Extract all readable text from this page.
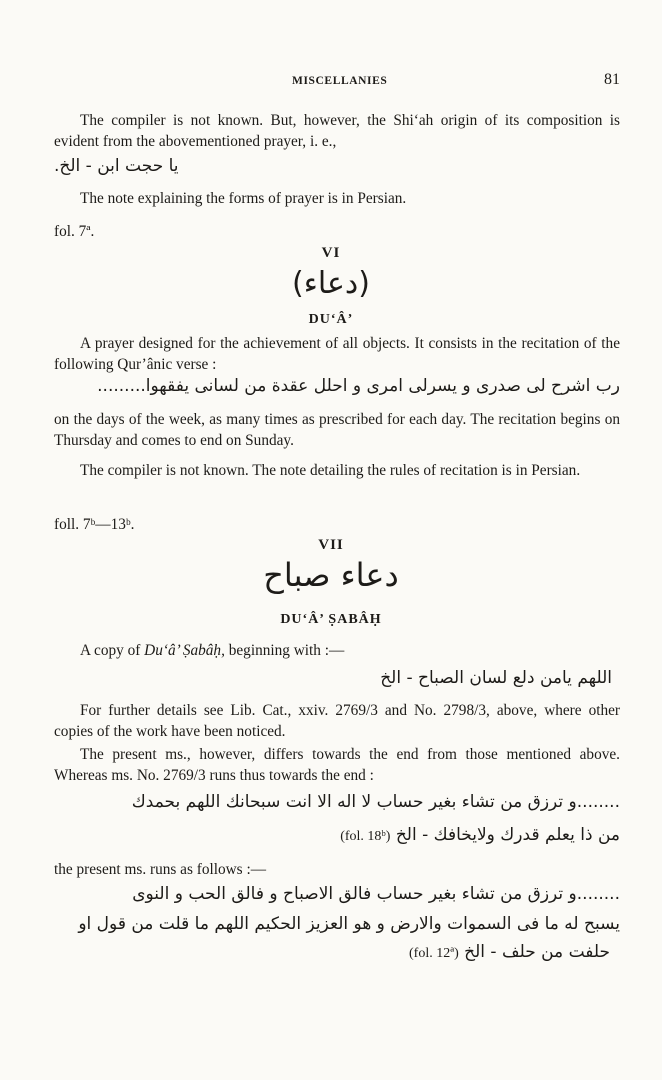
MISCELLANIES	81
The compiler is not known. But, however, the Shi‘ah origin of its composition is evident from the abovementioned prayer, i. e.,
يا حجت ابن - الخ.
The note explaining the forms of prayer is in Persian.
fol. 7ª.
VI
(دعاء)
DU‘Â’
A prayer designed for the achievement of all objects. It consists in the recitation of the following Qur’ânic verse :
رب اشرح لی صدری و یسرلی امری و احلل عقدة من لسانی یفقهوا.........
on the days of the week, as many times as prescribed for each day. The recitation begins on Thursday and comes to end on Sunday.
The compiler is not known. The note detailing the rules of recitation is in Persian.
foll. 7ᵇ—13ᵇ.
VII
دعاء صباح
DU‘Â’ ṢABÂḤ
A copy of Du‘â’ Ṣabâḥ, beginning with :—
اللهم یامن دلع لسان الصباح - الخ
For further details see Lib. Cat., xxiv. 2769/3 and No. 2798/3, above, where other copies of the work have been noticed.
The present ms., however, differs towards the end from those mentioned above. Whereas ms. No. 2769/3 runs thus towards the end :
........و ترزق من تشاء بغیر حساب لا اله الا انت سبحانك اللهم بحمدك
من ذا یعلم قدرك ولایخافك - الخ (fol. 18ᵇ)
the present ms. runs as follows :—
........و ترزق من تشاء بغیر حساب فالق الاصباح و فالق الحب و النوی
یسبح له ما فی السموات والارض و هو العزیز الحکیم اللهم ما قلت من قول او
حلفت من حلف - الخ (fol. 12ª)
